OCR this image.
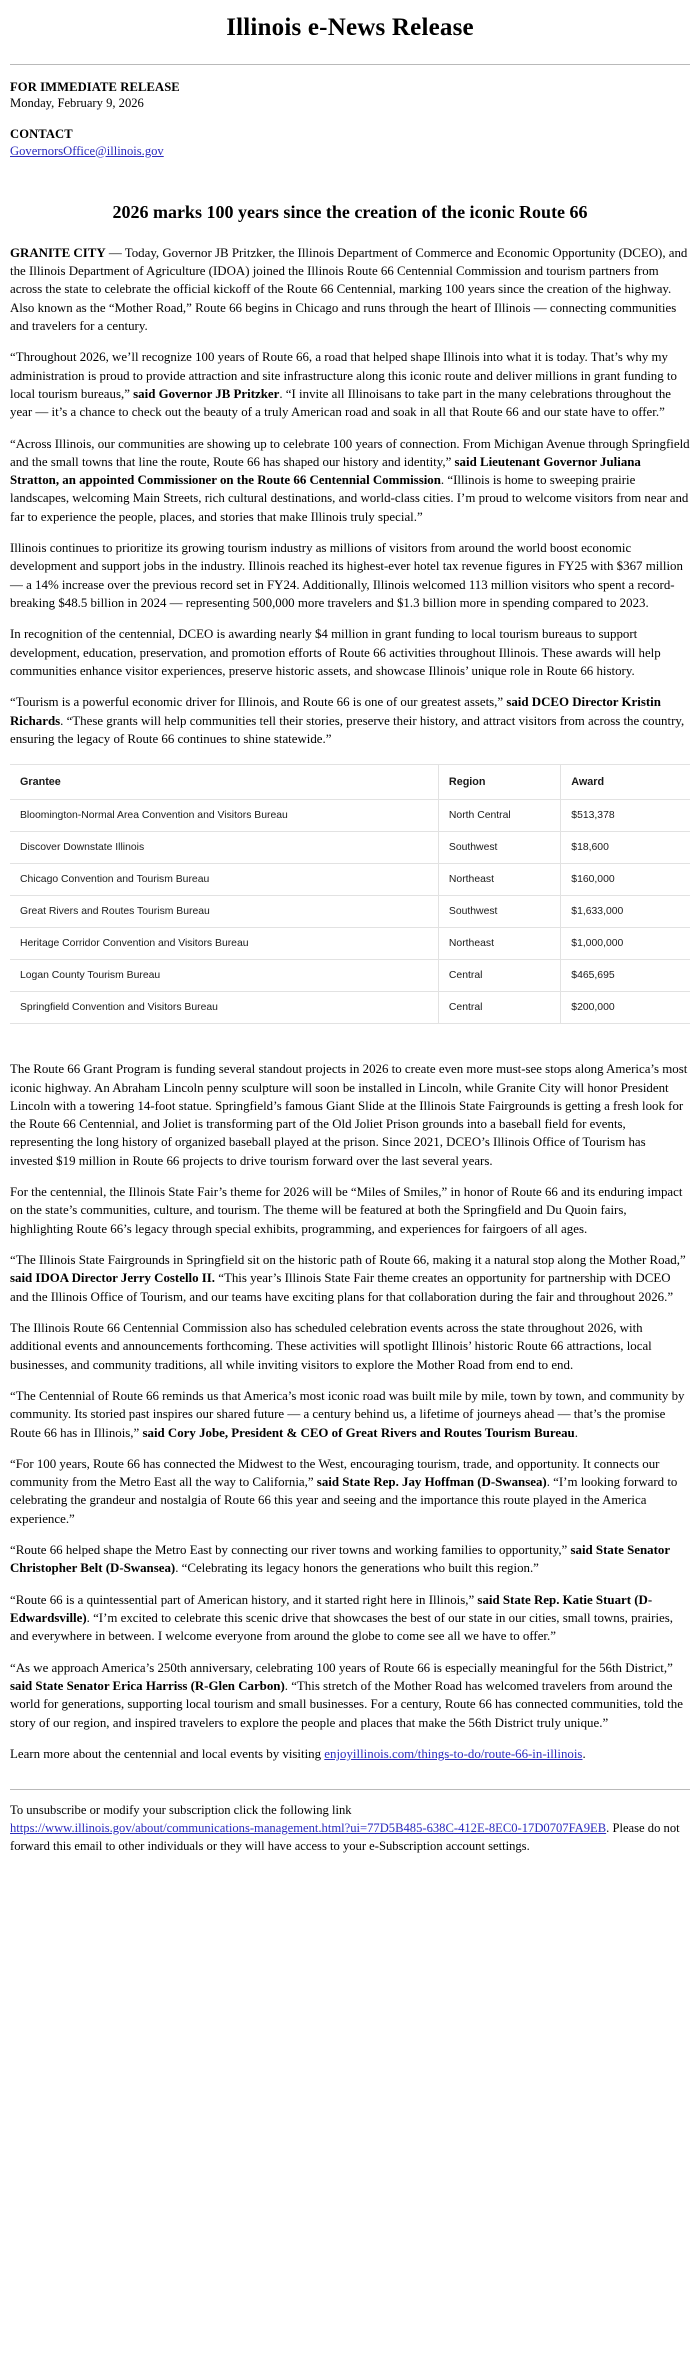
Illinois e-News Release
FOR IMMEDIATE RELEASE
Monday, February 9, 2026
CONTACT
GovernorsOffice@illinois.gov
2026 marks 100 years since the creation of the iconic Route 66

GRANITE CITY — Today, Governor JB Pritzker, the Illinois Department of Commerce and Economic Opportunity (DCEO), and the Illinois Department of Agriculture (IDOA) joined the Illinois Route 66 Centennial Commission and tourism partners from across the state to celebrate the official kickoff of the Route 66 Centennial, marking 100 years since the creation of the highway. Also known as the “Mother Road,” Route 66 begins in Chicago and runs through the heart of Illinois — connecting communities and travelers for a century.

“Throughout 2026, we’ll recognize 100 years of Route 66, a road that helped shape Illinois into what it is today. That’s why my administration is proud to provide attraction and site infrastructure along this iconic route and deliver millions in grant funding to local tourism bureaus,” said Governor JB Pritzker. “I invite all Illinoisans to take part in the many celebrations throughout the year — it’s a chance to check out the beauty of a truly American road and soak in all that Route 66 and our state have to offer.”

“Across Illinois, our communities are showing up to celebrate 100 years of connection. From Michigan Avenue through Springfield and the small towns that line the route, Route 66 has shaped our history and identity,” said Lieutenant Governor Juliana Stratton, an appointed Commissioner on the Route 66 Centennial Commission. “Illinois is home to sweeping prairie landscapes, welcoming Main Streets, rich cultural destinations, and world-class cities. I’m proud to welcome visitors from near and far to experience the people, places, and stories that make Illinois truly special.”

Illinois continues to prioritize its growing tourism industry as millions of visitors from around the world boost economic development and support jobs in the industry. Illinois reached its highest-ever hotel tax revenue figures in FY25 with $367 million — a 14% increase over the previous record set in FY24. Additionally, Illinois welcomed 113 million visitors who spent a record-breaking $48.5 billion in 2024 — representing 500,000 more travelers and $1.3 billion more in spending compared to 2023.

In recognition of the centennial, DCEO is awarding nearly $4 million in grant funding to local tourism bureaus to support development, education, preservation, and promotion efforts of Route 66 activities throughout Illinois. These awards will help communities enhance visitor experiences, preserve historic assets, and showcase Illinois’ unique role in Route 66 history.

“Tourism is a powerful economic driver for Illinois, and Route 66 is one of our greatest assets,” said DCEO Director Kristin Richards. “These grants will help communities tell their stories, preserve their history, and attract visitors from across the country, ensuring the legacy of Route 66 continues to shine statewide.”

Grantee	Region	Award
Bloomington-Normal Area Convention and Visitors Bureau	North Central	$513,378
Discover Downstate Illinois	Southwest	$18,600
Chicago Convention and Tourism Bureau	Northeast	$160,000
Great Rivers and Routes Tourism Bureau	Southwest	$1,633,000
Heritage Corridor Convention and Visitors Bureau	Northeast	$1,000,000
Logan County Tourism Bureau	Central	$465,695
Springfield Convention and Visitors Bureau	Central	$200,000

The Route 66 Grant Program is funding several standout projects in 2026 to create even more must-see stops along America’s most iconic highway. An Abraham Lincoln penny sculpture will soon be installed in Lincoln, while Granite City will honor President Lincoln with a towering 14-foot statue. Springfield’s famous Giant Slide at the Illinois State Fairgrounds is getting a fresh look for the Route 66 Centennial, and Joliet is transforming part of the Old Joliet Prison grounds into a baseball field for events, representing the long history of organized baseball played at the prison. Since 2021, DCEO’s Illinois Office of Tourism has invested $19 million in Route 66 projects to drive tourism forward over the last several years.

For the centennial, the Illinois State Fair’s theme for 2026 will be “Miles of Smiles,” in honor of Route 66 and its enduring impact on the state’s communities, culture, and tourism. The theme will be featured at both the Springfield and Du Quoin fairs, highlighting Route 66’s legacy through special exhibits, programming, and experiences for fairgoers of all ages.

“The Illinois State Fairgrounds in Springfield sit on the historic path of Route 66, making it a natural stop along the Mother Road,” said IDOA Director Jerry Costello II. “This year’s Illinois State Fair theme creates an opportunity for partnership with DCEO and the Illinois Office of Tourism, and our teams have exciting plans for that collaboration during the fair and throughout 2026.”

The Illinois Route 66 Centennial Commission also has scheduled celebration events across the state throughout 2026, with additional events and announcements forthcoming. These activities will spotlight Illinois’ historic Route 66 attractions, local businesses, and community traditions, all while inviting visitors to explore the Mother Road from end to end.

“The Centennial of Route 66 reminds us that America’s most iconic road was built mile by mile, town by town, and community by community. Its storied past inspires our shared future — a century behind us, a lifetime of journeys ahead — that’s the promise Route 66 has in Illinois,” said Cory Jobe, President & CEO of Great Rivers and Routes Tourism Bureau.

“For 100 years, Route 66 has connected the Midwest to the West, encouraging tourism, trade, and opportunity. It connects our community from the Metro East all the way to California,” said State Rep. Jay Hoffman (D-Swansea). “I’m looking forward to celebrating the grandeur and nostalgia of Route 66 this year and seeing and the importance this route played in the America experience.”

“Route 66 helped shape the Metro East by connecting our river towns and working families to opportunity,” said State Senator Christopher Belt (D-Swansea). “Celebrating its legacy honors the generations who built this region.”

“Route 66 is a quintessential part of American history, and it started right here in Illinois,” said State Rep. Katie Stuart (D-Edwardsville). “I’m excited to celebrate this scenic drive that showcases the best of our state in our cities, small towns, prairies, and everywhere in between. I welcome everyone from around the globe to come see all we have to offer.”

“As we approach America’s 250th anniversary, celebrating 100 years of Route 66 is especially meaningful for the 56th District,” said State Senator Erica Harriss (R-Glen Carbon). “This stretch of the Mother Road has welcomed travelers from around the world for generations, supporting local tourism and small businesses. For a century, Route 66 has connected communities, told the story of our region, and inspired travelers to explore the people and places that make the 56th District truly unique.”

Learn more about the centennial and local events by visiting enjoyillinois.com/things-to-do/route-66-in-illinois.

To unsubscribe or modify your subscription click the following link
https://www.illinois.gov/about/communications-management.html?ui=77D5B485-638C-412E-8EC0-17D0707FA9EB. Please do not forward this email to other individuals or they will have access to your e-Subscription account settings.
